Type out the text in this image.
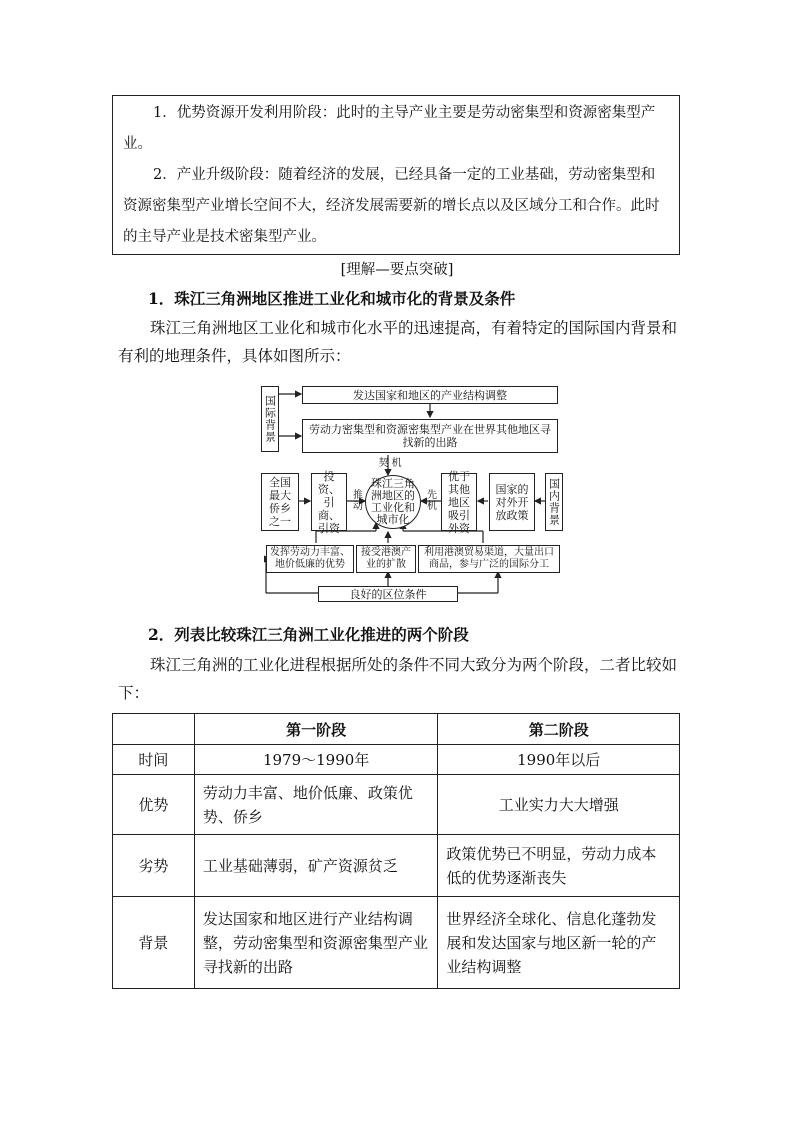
1．优势资源开发利用阶段：此时的主导产业主要是劳动密集型和资源密集型产业。

2．产业升级阶段：随着经济的发展，已经具备一定的工业基础，劳动密集型和资源密集型产业增长空间不大，经济发展需要新的增长点以及区域分工和合作。此时的主导产业是技术密集型产业。

[理解—要点突破]
1．珠江三角洲地区推进工业化和城市化的背景及条件
珠江三角洲地区工业化和城市化水平的迅速提高，有着特定的国际国内背景和有利的地理条件，具体如图所示：
国际背景	发达国家和地区的产业结构调整
劳动力密集型和资源密集型产业在世界其他地区寻找新的出路
契 机
全国最大侨乡之一
投资、引商、引资
推动
珠江三角洲地区的工业化和城市化
先机
优于其他地区吸引外资
国家的对外开放政策	国内背景
发挥劳动力丰富、地价低廉的优势
接受港澳产业的扩散
利用港澳贸易渠道，大量出口商品，参与广泛的国际分工
良好的区位条件
2．列表比较珠江三角洲工业化推进的两个阶段
珠江三角洲的工业化进程根据所处的条件不同大致分为两个阶段，二者比较如下：
	第一阶段	第二阶段
时间	1979～1990年	1990年以后
优势	劳动力丰富、地价低廉、政策优势、侨乡	工业实力大大增强
劣势	工业基础薄弱，矿产资源贫乏	政策优势已不明显，劳动力成本低的优势逐渐丧失
背景	发达国家和地区进行产业结构调整，劳动密集型和资源密集型产业寻找新的出路	世界经济全球化、信息化蓬勃发展和发达国家与地区新一轮的产业结构调整
